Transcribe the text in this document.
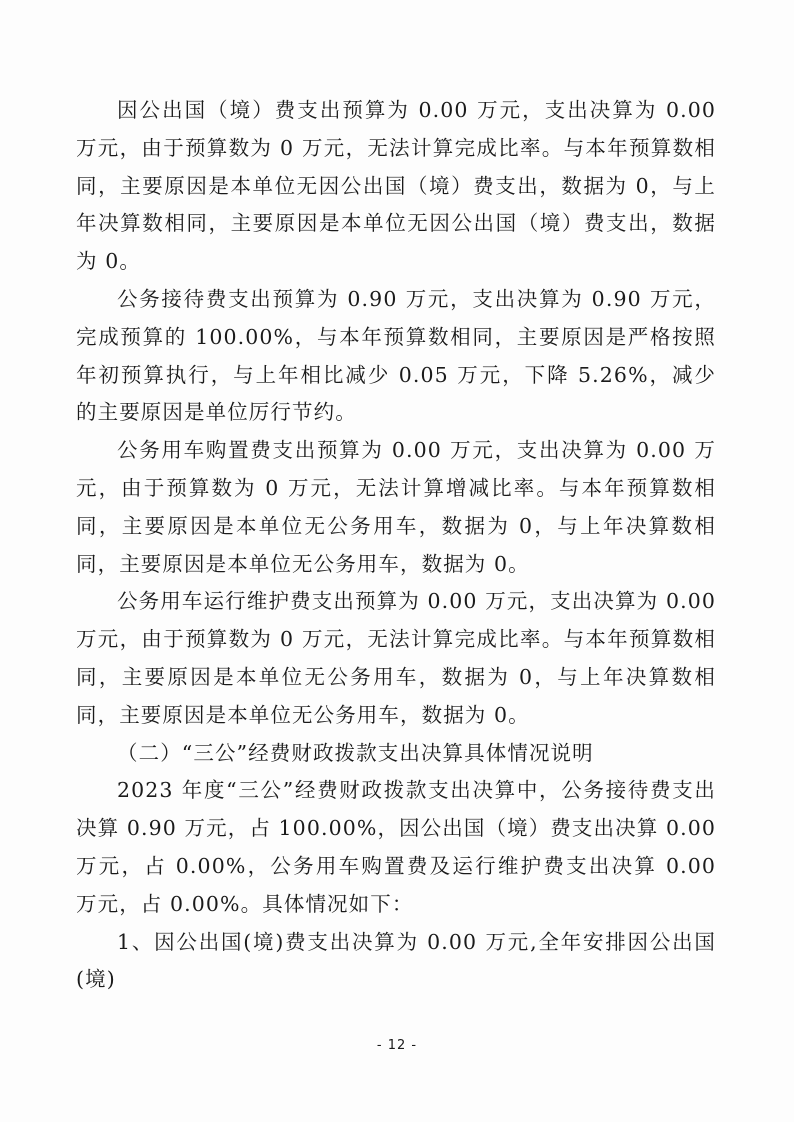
因公出国（境）费支出预算为 0.00 万元，支出决算为 0.00 万元，由于预算数为 0 万元，无法计算完成比率。与本年预算数相同，主要原因是本单位无因公出国（境）费支出，数据为 0，与上年决算数相同，主要原因是本单位无因公出国（境）费支出，数据为 0。

公务接待费支出预算为 0.90 万元，支出决算为 0.90 万元，完成预算的 100.00%，与本年预算数相同，主要原因是严格按照年初预算执行，与上年相比减少 0.05 万元，下降 5.26%，减少的主要原因是单位厉行节约。

公务用车购置费支出预算为 0.00 万元，支出决算为 0.00 万元，由于预算数为 0 万元，无法计算增减比率。与本年预算数相同，主要原因是本单位无公务用车，数据为 0，与上年决算数相同，主要原因是本单位无公务用车，数据为 0。

公务用车运行维护费支出预算为 0.00 万元，支出决算为 0.00 万元，由于预算数为 0 万元，无法计算完成比率。与本年预算数相同，主要原因是本单位无公务用车，数据为 0，与上年决算数相同，主要原因是本单位无公务用车，数据为 0。

（二）“三公”经费财政拨款支出决算具体情况说明

2023 年度“三公”经费财政拨款支出决算中，公务接待费支出决算 0.90 万元，占 100.00%，因公出国（境）费支出决算 0.00 万元，占 0.00%，公务用车购置费及运行维护费支出决算 0.00 万元，占 0.00%。具体情况如下：

1、因公出国(境)费支出决算为 0.00 万元,全年安排因公出国(境)

- 12 -
